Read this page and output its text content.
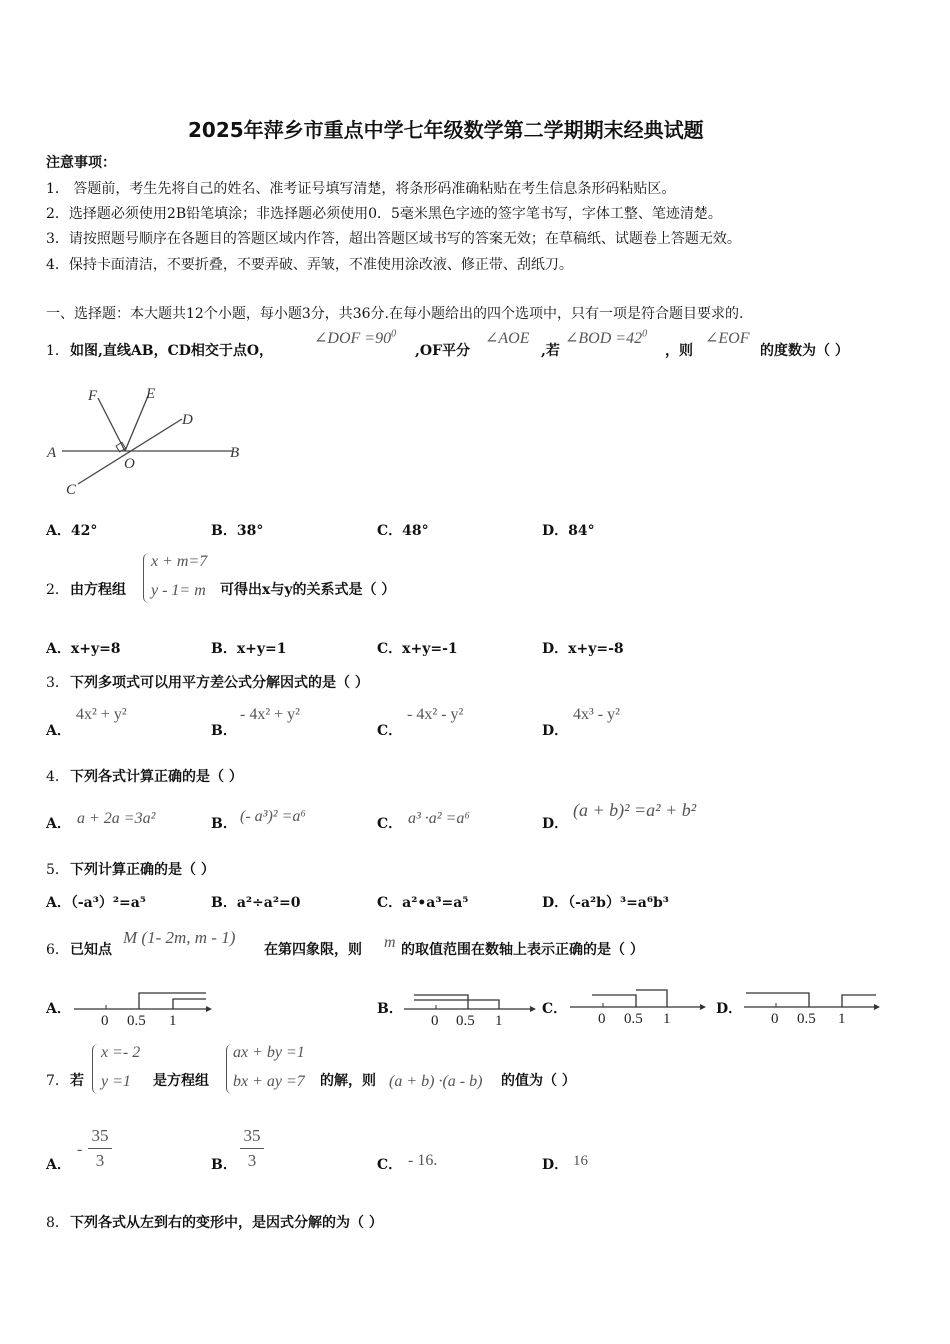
2025年萍乡市重点中学七年级数学第二学期期末经典试题
注意事项：
1． 答题前，考生先将自己的姓名、准考证号填写清楚，将条形码准确粘贴在考生信息条形码粘贴区。
2．选择题必须使用2B铅笔填涂；非选择题必须使用0．5毫米黑色字迹的签字笔书写，字体工整、笔迹清楚。
3．请按照题号顺序在各题目的答题区域内作答，超出答题区域书写的答案无效；在草稿纸、试题卷上答题无效。
4．保持卡面清洁，不要折叠，不要弄破、弄皱，不准使用涂改液、修正带、刮纸刀。
一、选择题：本大题共12个小题，每小题3分，共36分.在每小题给出的四个选项中，只有一项是符合题目要求的.
1． 如图,直线AB，CD相交于点O，
∠DOF $=90^0$
,OF平分
∠AOE
,若
∠BOD $=42^0$
，则
∠EOF
的度数为（ ）
F	E
D
A
O
B
C
A．42°	B．38°	C．48°	D．84°
2． 由方程组
x + m=7
y - 1= m 可得出x与y的关系式是（ ）
A．x+y=8	B．x+y=1	C．x+y=-1	D．x+y=-8
3． 下列多项式可以用平方差公式分解因式的是（ ）
A．
4x² + y²
B．
- 4x² + y²
C．
- 4x² - y²
D．
4x³ - y²
4． 下列各式计算正确的是（ ）
A． a + 2a =3a²	B． (- a³)² =a⁶	C． a³ ·a² =a⁶	D．
(a + b)² =a² + b²
5． 下列计算正确的是（ ）
A．（-a³）²=a⁵	B．a²÷a²=0	C．a²•a³=a⁵	D．（-a²b）³=a⁶b³
6． 已知点
M (1- 2m, m - 1)
在第四象限，则 m 的取值范围在数轴上表示正确的是（ ）
A．
0 0.5 1
B．
0 0.5 1
C．
0 0.5 1
D．
0 0.5 1
7． 若
x =- 2
y =1 是方程组
ax + by =1
bx + ay =7 的解，则 (a + b) ·(a - b) 的值为（ ）
A．
-
35
3	B．
35
3	C． - 16.	D． 16
8． 下列各式从左到右的变形中，是因式分解的为（ ）
